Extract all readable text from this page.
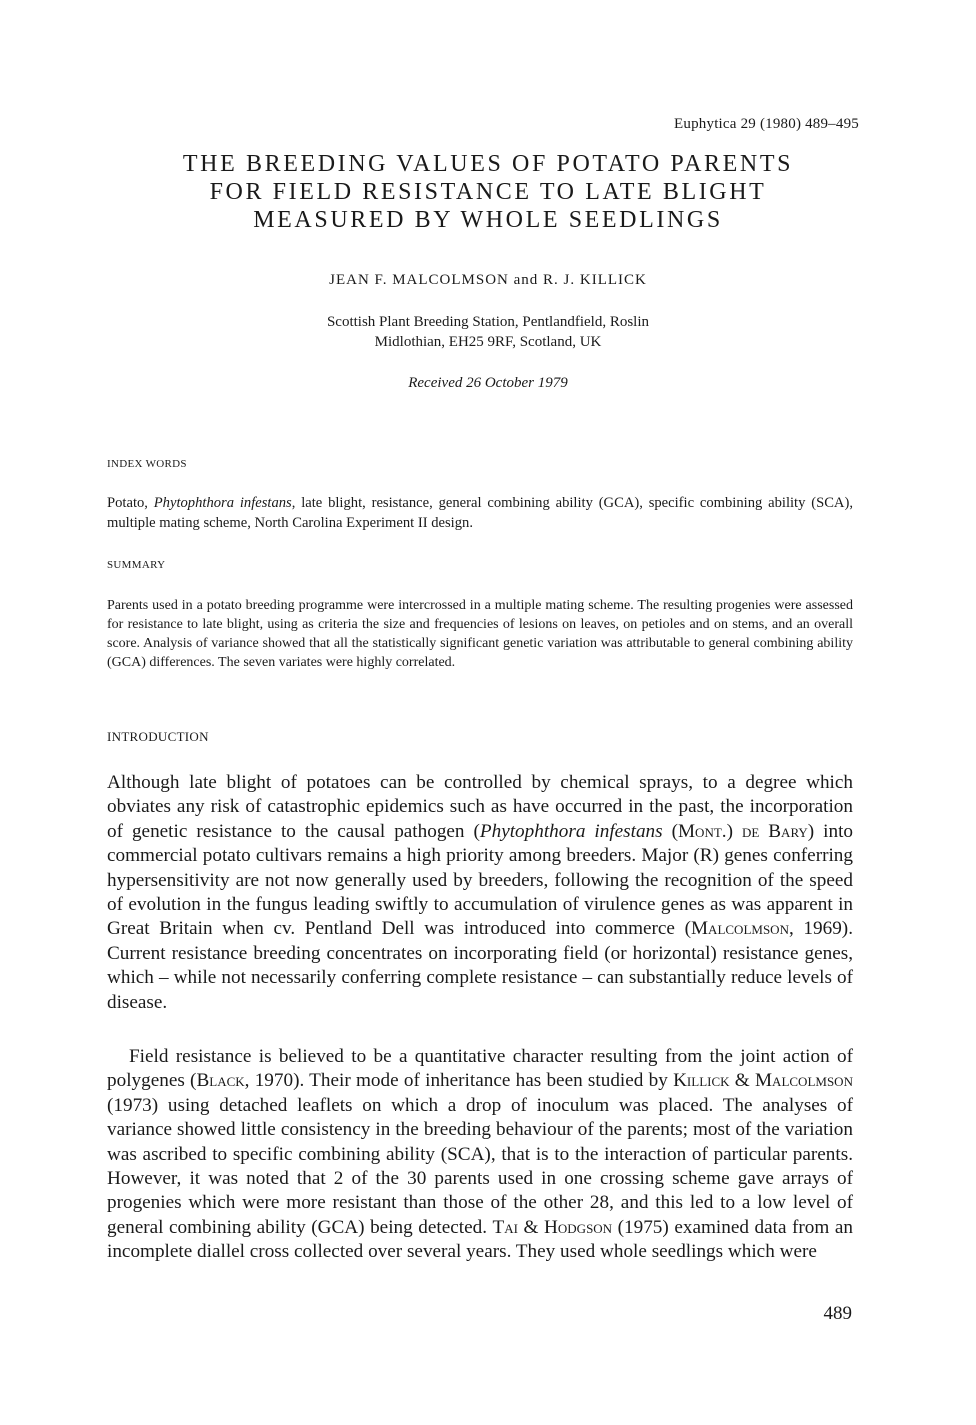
Euphytica 29 (1980) 489–495
THE BREEDING VALUES OF POTATO PARENTS
FOR FIELD RESISTANCE TO LATE BLIGHT
MEASURED BY WHOLE SEEDLINGS
JEAN F. MALCOLMSON and R. J. KILLICK
Scottish Plant Breeding Station, Pentlandfield, Roslin
Midlothian, EH25 9RF, Scotland, UK
Received 26 October 1979
INDEX WORDS

Potato, Phytophthora infestans, late blight, resistance, general combining ability (GCA), specific combining ability (SCA), multiple mating scheme, North Carolina Experiment II design.

SUMMARY

Parents used in a potato breeding programme were intercrossed in a multiple mating scheme. The resulting progenies were assessed for resistance to late blight, using as criteria the size and frequencies of lesions on leaves, on petioles and on stems, and an overall score. Analysis of variance showed that all the statistically significant genetic variation was attributable to general combining ability (GCA) differences. The seven variates were highly correlated.

INTRODUCTION

Although late blight of potatoes can be controlled by chemical sprays, to a degree which obviates any risk of catastrophic epidemics such as have occurred in the past, the incorporation of genetic resistance to the causal pathogen (Phytophthora infestans (Mont.) de Bary) into commercial potato cultivars remains a high priority among breeders. Major (R) genes conferring hypersensitivity are not now generally used by breeders, following the recognition of the speed of evolution in the fungus leading swiftly to accumulation of virulence genes as was apparent in Great Britain when cv. Pentland Dell was introduced into commerce (Malcolmson, 1969). Current resistance breeding concentrates on incorporating field (or horizontal) resistance genes, which – while not necessarily conferring complete resistance – can substantially reduce levels of disease.

Field resistance is believed to be a quantitative character resulting from the joint action of polygenes (Black, 1970). Their mode of inheritance has been studied by Killick & Malcolmson (1973) using detached leaflets on which a drop of inoculum was placed. The analyses of variance showed little consistency in the breeding behaviour of the parents; most of the variation was ascribed to specific combining ability (SCA), that is to the interaction of particular parents. However, it was noted that 2 of the 30 parents used in one crossing scheme gave arrays of progenies which were more resistant than those of the other 28, and this led to a low level of general combining ability (GCA) being detected. Tai & Hodgson (1975) examined data from an incomplete diallel cross collected over several years. They used whole seedlings which were

489
